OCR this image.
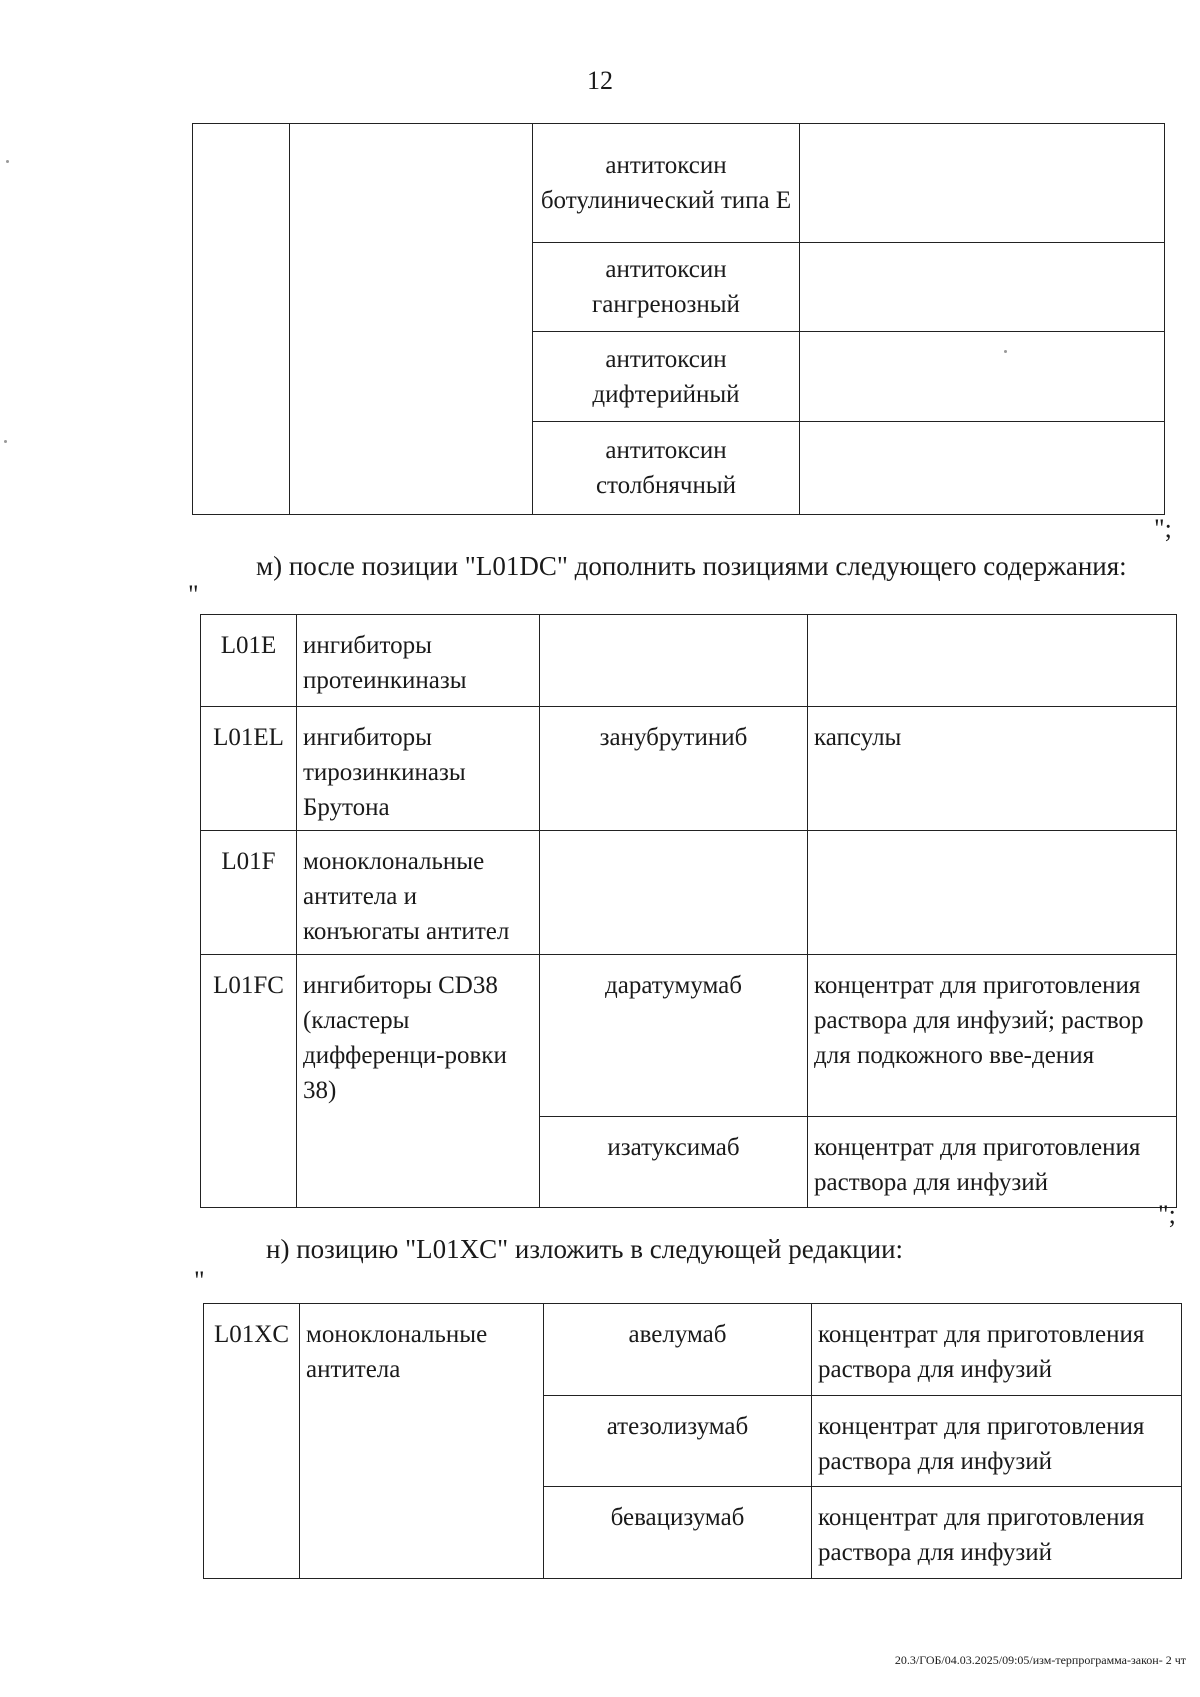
12
		антитоксин ботулинический типа E	
		антитоксин гангренозный	
		антитоксин дифтерийный	
		антитоксин столбнячный	
";
м) после позиции "L01DC" дополнить позициями следующего содержания:
"
L01E	ингибиторы протеинкиназы		
L01EL	ингибиторы тирозинкиназы Брутона	занубрутиниб	капсулы
L01F	моноклональные антитела и конъюгаты антител		
L01FC	ингибиторы CD38 (кластеры дифференци-ровки 38)	даратумумаб	концентрат для приготовления раствора для инфузий; раствор для подкожного вве-дения
		изатуксимаб	концентрат для приготовления раствора для инфузий
";
н) позицию "L01XC" изложить в следующей редакции:
"
L01XC	моноклональные антитела	авелумаб	концентрат для приготовления раствора для инфузий
		атезолизумаб	концентрат для приготовления раствора для инфузий
		бевацизумаб	концентрат для приготовления раствора для инфузий
20.3/ГОБ/04.03.2025/09:05/изм-терпрограмма-закон- 2 чт
